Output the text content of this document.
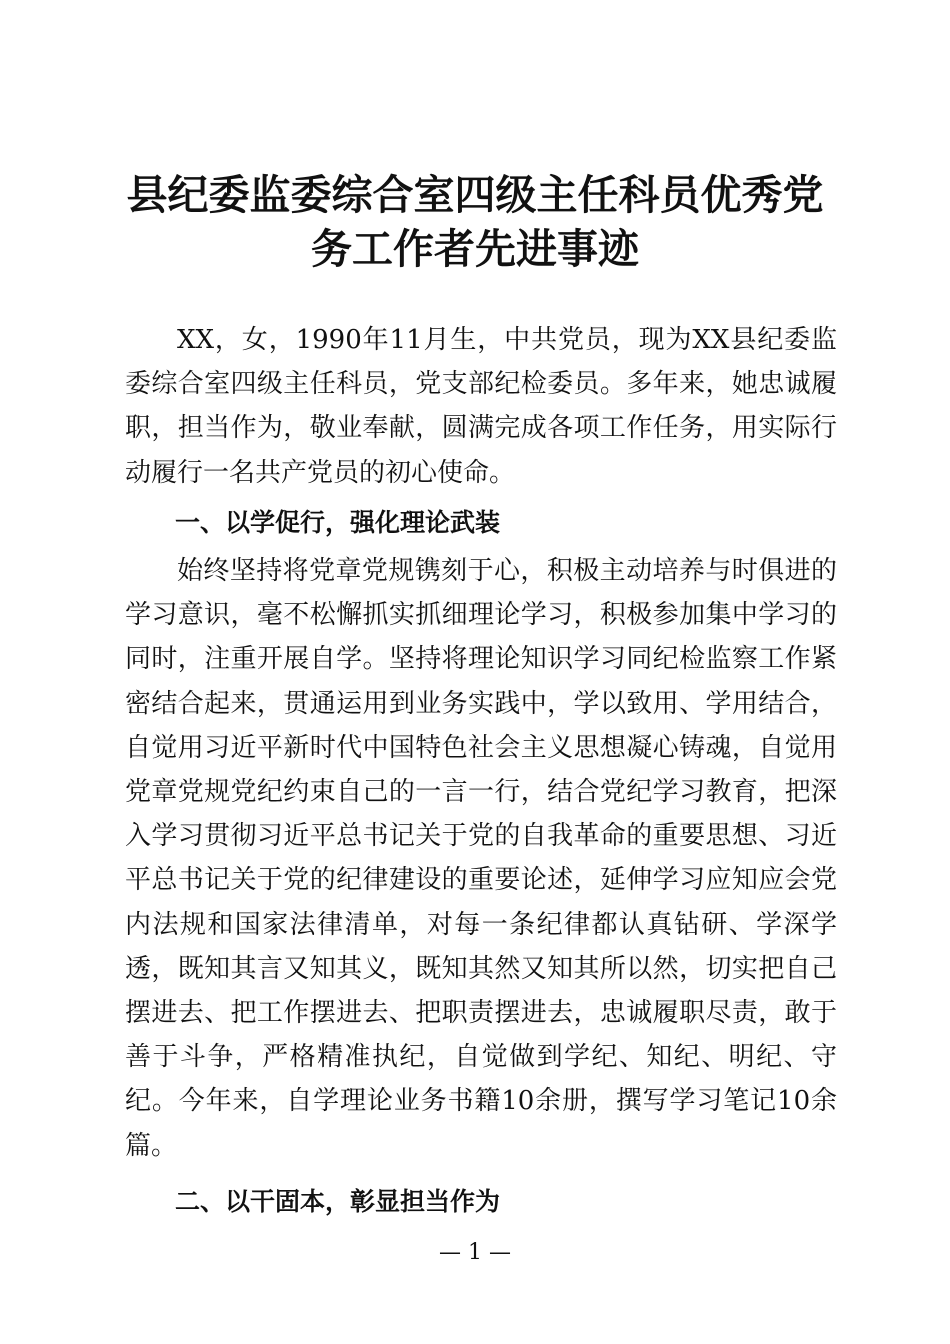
县纪委监委综合室四级主任科员优秀党
务工作者先进事迹

XX，女，1990年11月生，中共党员，现为XX县纪委监委综合室四级主任科员，党支部纪检委员。多年来，她忠诚履职，担当作为，敬业奉献，圆满完成各项工作任务，用实际行动履行一名共产党员的初心使命。

一、以学促行，强化理论武装

始终坚持将党章党规镌刻于心，积极主动培养与时俱进的学习意识，毫不松懈抓实抓细理论学习，积极参加集中学习的同时，注重开展自学。坚持将理论知识学习同纪检监察工作紧密结合起来，贯通运用到业务实践中，学以致用、学用结合，自觉用习近平新时代中国特色社会主义思想凝心铸魂，自觉用党章党规党纪约束自己的一言一行，结合党纪学习教育，把深入学习贯彻习近平总书记关于党的自我革命的重要思想、习近平总书记关于党的纪律建设的重要论述，延伸学习应知应会党内法规和国家法律清单，对每一条纪律都认真钻研、学深学透，既知其言又知其义，既知其然又知其所以然，切实把自己摆进去、把工作摆进去、把职责摆进去，忠诚履职尽责，敢于善于斗争，严格精准执纪，自觉做到学纪、知纪、明纪、守纪。今年来，自学理论业务书籍10余册，撰写学习笔记10余篇。

二、以干固本，彰显担当作为

— 1 —
